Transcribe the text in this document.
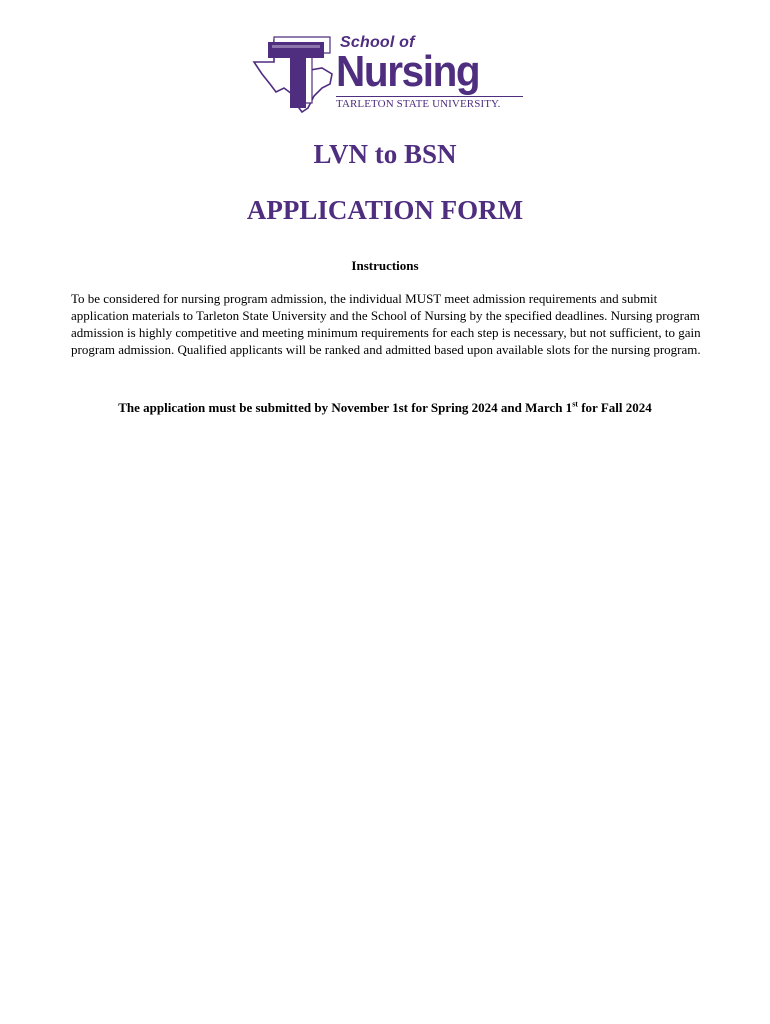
School of
Nursing
TARLETON STATE UNIVERSITY.
LVN to BSN
APPLICATION FORM
Instructions

To be considered for nursing program admission, the individual MUST meet admission requirements and submit application materials to Tarleton State University and the School of Nursing by the specified deadlines. Nursing program admission is highly competitive and meeting minimum requirements for each step is necessary, but not sufficient, to gain program admission. Qualified applicants will be ranked and admitted based upon available slots for the nursing program.

The application must be submitted by November 1st for Spring 2024 and March 1st for Fall 2024
